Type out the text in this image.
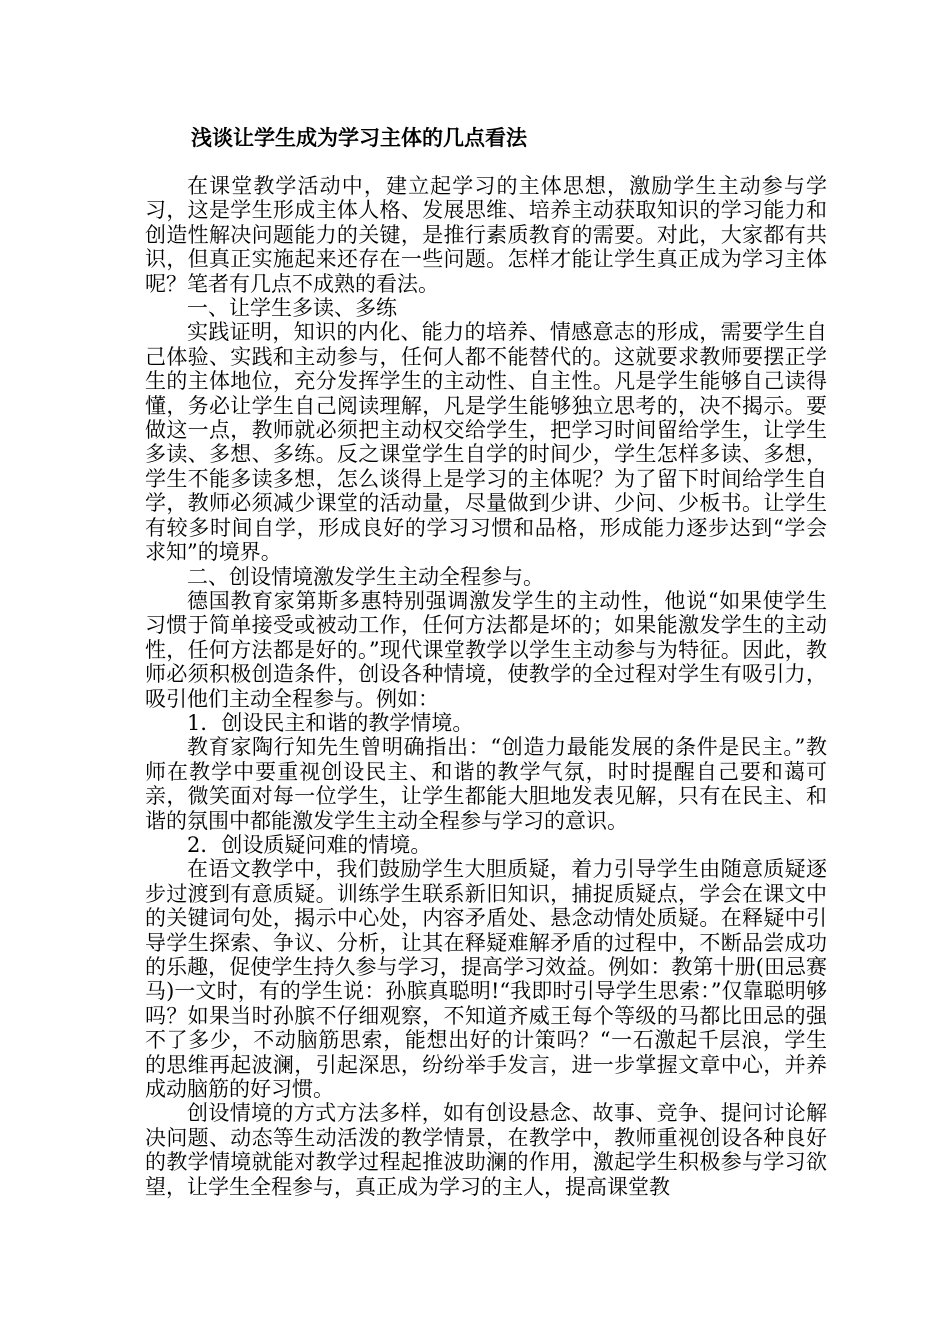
浅谈让学生成为学习主体的几点看法

在课堂教学活动中，建立起学习的主体思想，激励学生主动参与学习，这是学生形成主体人格、发展思维、培养主动获取知识的学习能力和创造性解决问题能力的关键，是推行素质教育的需要。对此，大家都有共识，但真正实施起来还存在一些问题。怎样才能让学生真正成为学习主体呢？笔者有几点不成熟的看法。

一、让学生多读、多练

实践证明，知识的内化、能力的培养、情感意志的形成，需要学生自己体验、实践和主动参与，任何人都不能替代的。这就要求教师要摆正学生的主体地位，充分发挥学生的主动性、自主性。凡是学生能够自己读得懂，务必让学生自己阅读理解，凡是学生能够独立思考的，决不揭示。要做这一点，教师就必须把主动权交给学生，把学习时间留给学生，让学生多读、多想、多练。反之课堂学生自学的时间少，学生怎样多读、多想，学生不能多读多想，怎么谈得上是学习的主体呢？为了留下时间给学生自学，教师必须减少课堂的活动量，尽量做到少讲、少问、少板书。让学生有较多时间自学，形成良好的学习习惯和品格，形成能力逐步达到“学会求知”的境界。

二、创设情境激发学生主动全程参与。

德国教育家第斯多惠特别强调激发学生的主动性，他说“如果使学生习惯于简单接受或被动工作，任何方法都是坏的；如果能激发学生的主动性，任何方法都是好的。”现代课堂教学以学生主动参与为特征。因此，教师必须积极创造条件，创设各种情境，使教学的全过程对学生有吸引力，吸引他们主动全程参与。例如：

1．创设民主和谐的教学情境。

教育家陶行知先生曾明确指出：“创造力最能发展的条件是民主。”教师在教学中要重视创设民主、和谐的教学气氛，时时提醒自己要和蔼可亲，微笑面对每一位学生，让学生都能大胆地发表见解，只有在民主、和谐的氛围中都能激发学生主动全程参与学习的意识。

2．创设质疑问难的情境。

在语文教学中，我们鼓励学生大胆质疑，着力引导学生由随意质疑逐步过渡到有意质疑。训练学生联系新旧知识，捕捉质疑点，学会在课文中的关键词句处，揭示中心处，内容矛盾处、悬念动情处质疑。在释疑中引导学生探索、争议、分析，让其在释疑难解矛盾的过程中，不断品尝成功的乐趣，促使学生持久参与学习，提高学习效益。例如：教第十册(田忌赛马)一文时，有的学生说：孙膑真聪明!“我即时引导学生思索：”仅靠聪明够吗？如果当时孙膑不仔细观察，不知道齐威王每个等级的马都比田忌的强不了多少，不动脑筋思索，能想出好的计策吗？“一石激起千层浪，学生的思维再起波澜，引起深思，纷纷举手发言，进一步掌握文章中心，并养成动脑筋的好习惯。

创设情境的方式方法多样，如有创设悬念、故事、竞争、提问讨论解决问题、动态等生动活泼的教学情景，在教学中，教师重视创设各种良好的教学情境就能对教学过程起推波助澜的作用，激起学生积极参与学习欲望，让学生全程参与，真正成为学习的主人，提高课堂教
